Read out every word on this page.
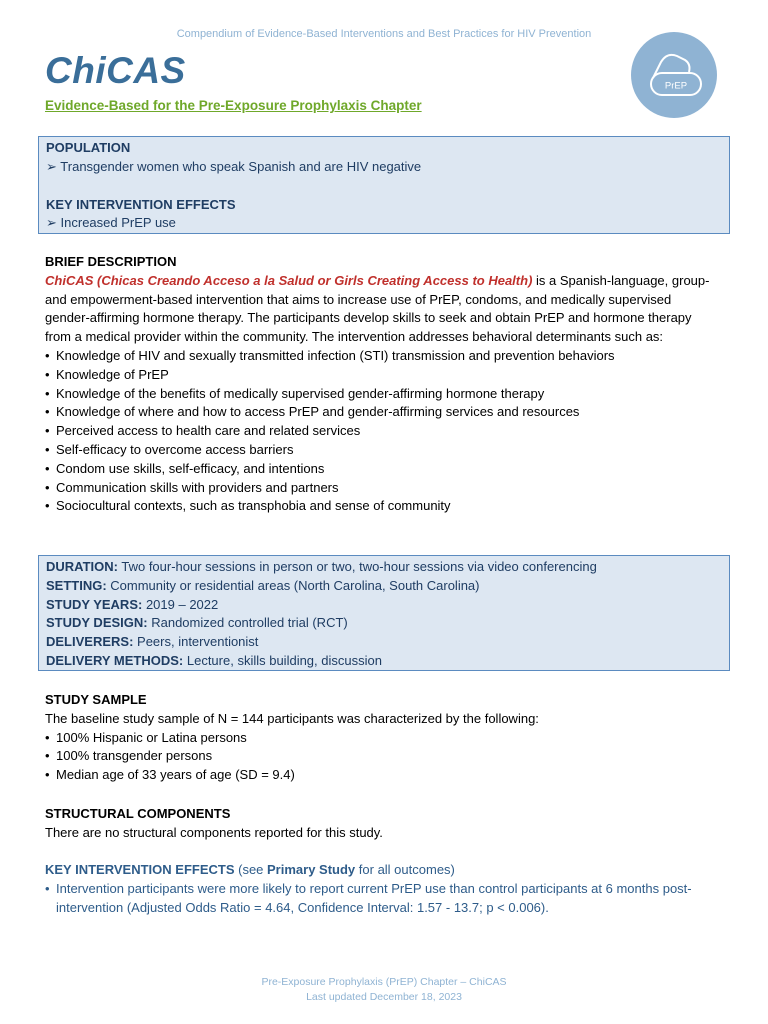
Compendium of Evidence-Based Interventions and Best Practices for HIV Prevention
ChiCAS
Evidence-Based for the Pre-Exposure Prophylaxis Chapter
PrEP
POPULATION
➢ Transgender women who speak Spanish and are HIV negative
KEY INTERVENTION EFFECTS
➢ Increased PrEP use
BRIEF DESCRIPTION
ChiCAS (Chicas Creando Acceso a la Salud or Girls Creating Access to Health) is a Spanish-language, group- and empowerment-based intervention that aims to increase use of PrEP, condoms, and medically supervised gender-affirming hormone therapy. The participants develop skills to seek and obtain PrEP and hormone therapy from a medical provider within the community. The intervention addresses behavioral determinants such as:
• Knowledge of HIV and sexually transmitted infection (STI) transmission and prevention behaviors
• Knowledge of PrEP
• Knowledge of the benefits of medically supervised gender-affirming hormone therapy
• Knowledge of where and how to access PrEP and gender-affirming services and resources
• Perceived access to health care and related services
• Self-efficacy to overcome access barriers
• Condom use skills, self-efficacy, and intentions
• Communication skills with providers and partners
• Sociocultural contexts, such as transphobia and sense of community
DURATION: Two four-hour sessions in person or two, two-hour sessions via video conferencing
SETTING: Community or residential areas (North Carolina, South Carolina)
STUDY YEARS: 2019 – 2022
STUDY DESIGN: Randomized controlled trial (RCT)
DELIVERERS: Peers, interventionist
DELIVERY METHODS: Lecture, skills building, discussion
STUDY SAMPLE
The baseline study sample of N = 144 participants was characterized by the following:
• 100% Hispanic or Latina persons
• 100% transgender persons
• Median age of 33 years of age (SD = 9.4)
STRUCTURAL COMPONENTS
There are no structural components reported for this study.
KEY INTERVENTION EFFECTS (see Primary Study for all outcomes)
• Intervention participants were more likely to report current PrEP use than control participants at 6 months post-intervention (Adjusted Odds Ratio = 4.64, Confidence Interval: 1.57 - 13.7; p < 0.006).
Pre-Exposure Prophylaxis (PrEP) Chapter – ChiCAS
Last updated December 18, 2023
